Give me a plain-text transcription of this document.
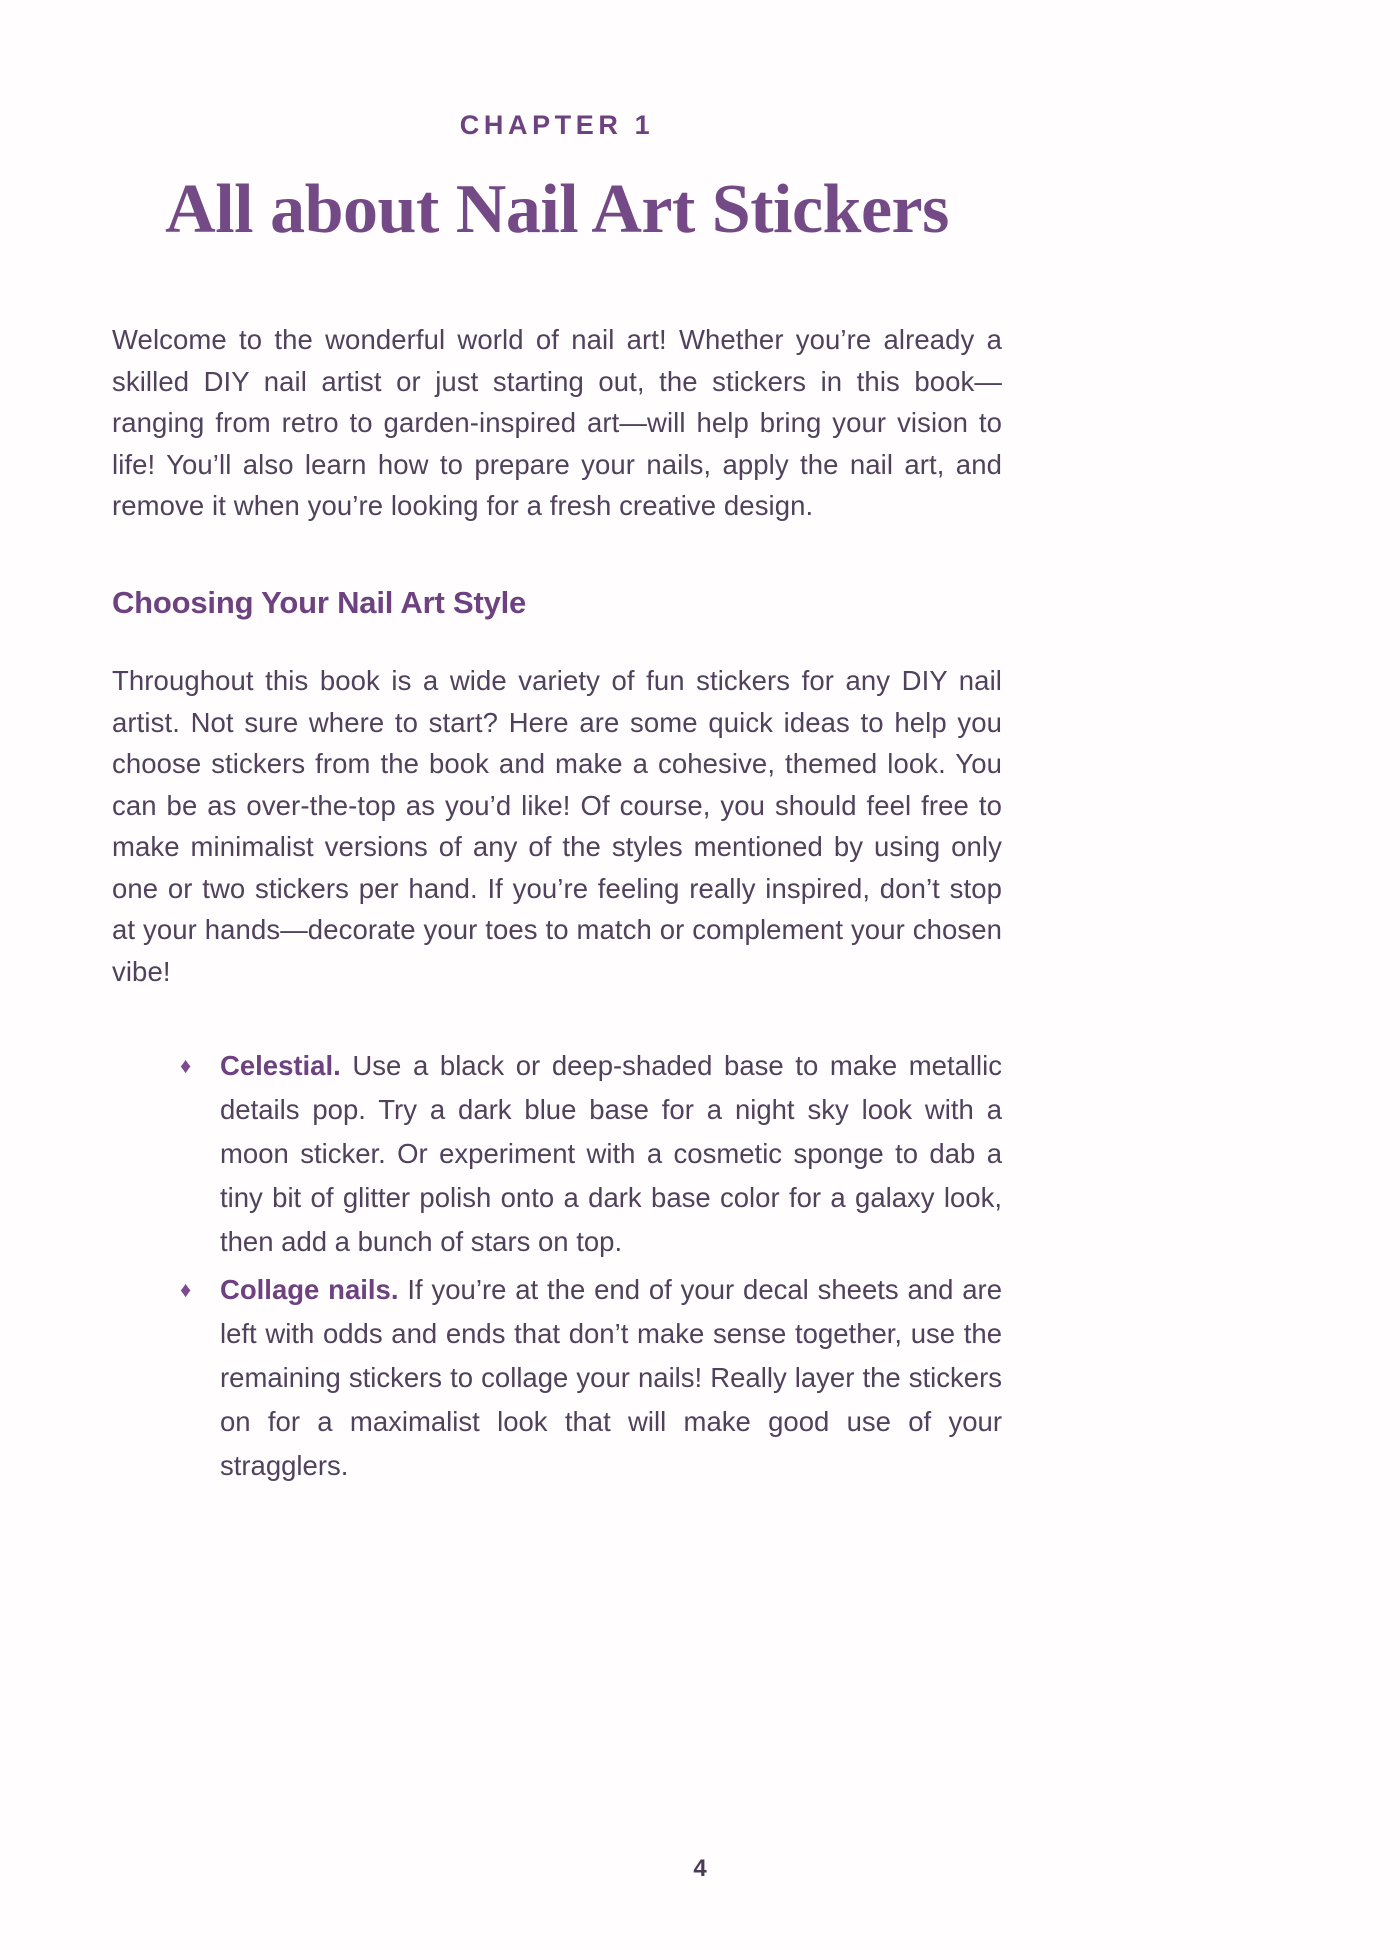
CHAPTER 1
All about Nail Art Stickers

Welcome to the wonderful world of nail art! Whether you’re already a skilled DIY nail artist or just starting out, the stickers in this book—ranging from retro to garden-inspired art—will help bring your vision to life! You’ll also learn how to prepare your nails, apply the nail art, and remove it when you’re looking for a fresh creative design.

Choosing Your Nail Art Style

Throughout this book is a wide variety of fun stickers for any DIY nail artist. Not sure where to start? Here are some quick ideas to help you choose stickers from the book and make a cohesive, themed look. You can be as over-the-top as you’d like! Of course, you should feel free to make minimalist versions of any of the styles mentioned by using only one or two stickers per hand. If you’re feeling really inspired, don’t stop at your hands—decorate your toes to match or complement your chosen vibe!

♦ Celestial. Use a black or deep-shaded base to make metallic details pop. Try a dark blue base for a night sky look with a moon sticker. Or experiment with a cosmetic sponge to dab a tiny bit of glitter polish onto a dark base color for a galaxy look, then add a bunch of stars on top.
♦ Collage nails. If you’re at the end of your decal sheets and are left with odds and ends that don’t make sense together, use the remaining stickers to collage your nails! Really layer the stickers on for a maximalist look that will make good use of your stragglers.
4
